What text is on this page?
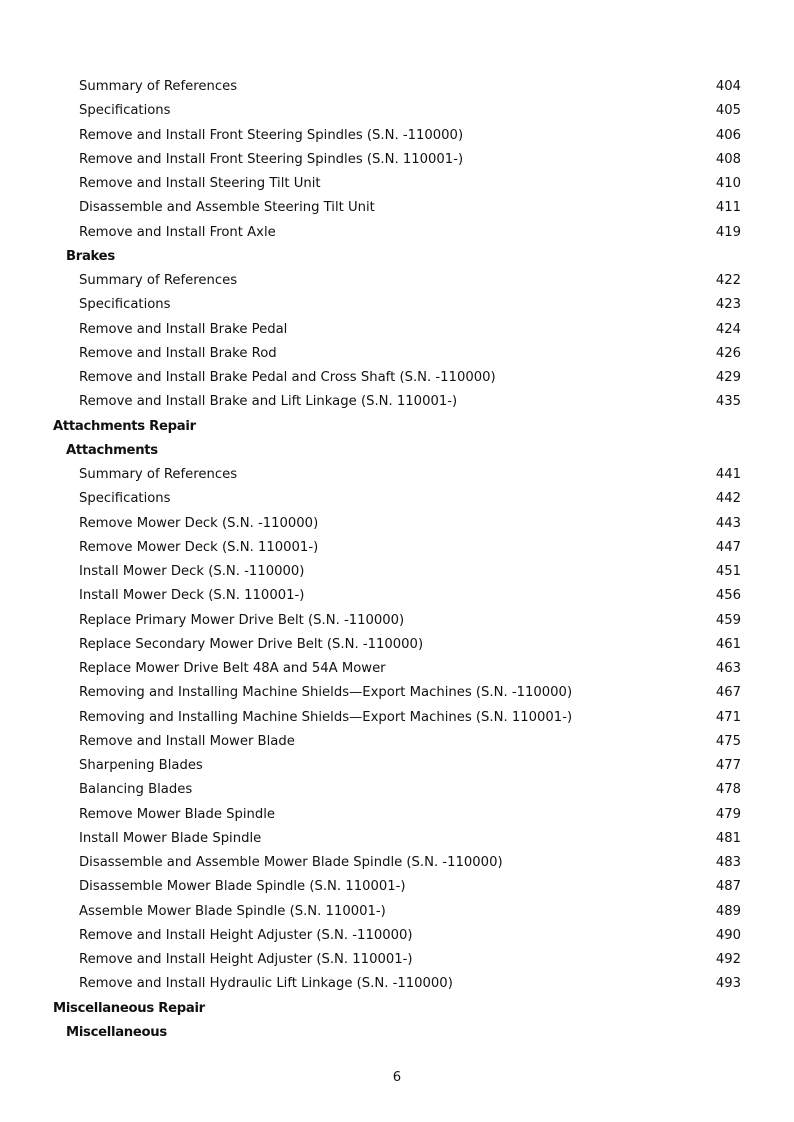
Summary of References	404
Specifications	405
Remove and Install Front Steering Spindles (S.N. -110000)	406
Remove and Install Front Steering Spindles (S.N. 110001-)	408
Remove and Install Steering Tilt Unit	410
Disassemble and Assemble Steering Tilt Unit	411
Remove and Install Front Axle	419
Brakes
Summary of References	422
Specifications	423
Remove and Install Brake Pedal	424
Remove and Install Brake Rod	426
Remove and Install Brake Pedal and Cross Shaft (S.N. -110000)	429
Remove and Install Brake and Lift Linkage (S.N. 110001-)	435
Attachments Repair
Attachments
Summary of References	441
Specifications	442
Remove Mower Deck (S.N. -110000)	443
Remove Mower Deck (S.N. 110001-)	447
Install Mower Deck (S.N. -110000)	451
Install Mower Deck (S.N. 110001-)	456
Replace Primary Mower Drive Belt (S.N. -110000)	459
Replace Secondary Mower Drive Belt (S.N. -110000)	461
Replace Mower Drive Belt 48A and 54A Mower	463
Removing and Installing Machine Shields—Export Machines (S.N. -110000)	467
Removing and Installing Machine Shields—Export Machines (S.N. 110001-)	471
Remove and Install Mower Blade	475
Sharpening Blades	477
Balancing Blades	478
Remove Mower Blade Spindle	479
Install Mower Blade Spindle	481
Disassemble and Assemble Mower Blade Spindle (S.N. -110000)	483
Disassemble Mower Blade Spindle (S.N. 110001-)	487
Assemble Mower Blade Spindle (S.N. 110001-)	489
Remove and Install Height Adjuster (S.N. -110000)	490
Remove and Install Height Adjuster (S.N. 110001-)	492
Remove and Install Hydraulic Lift Linkage (S.N. -110000)	493
Miscellaneous Repair
Miscellaneous
6
